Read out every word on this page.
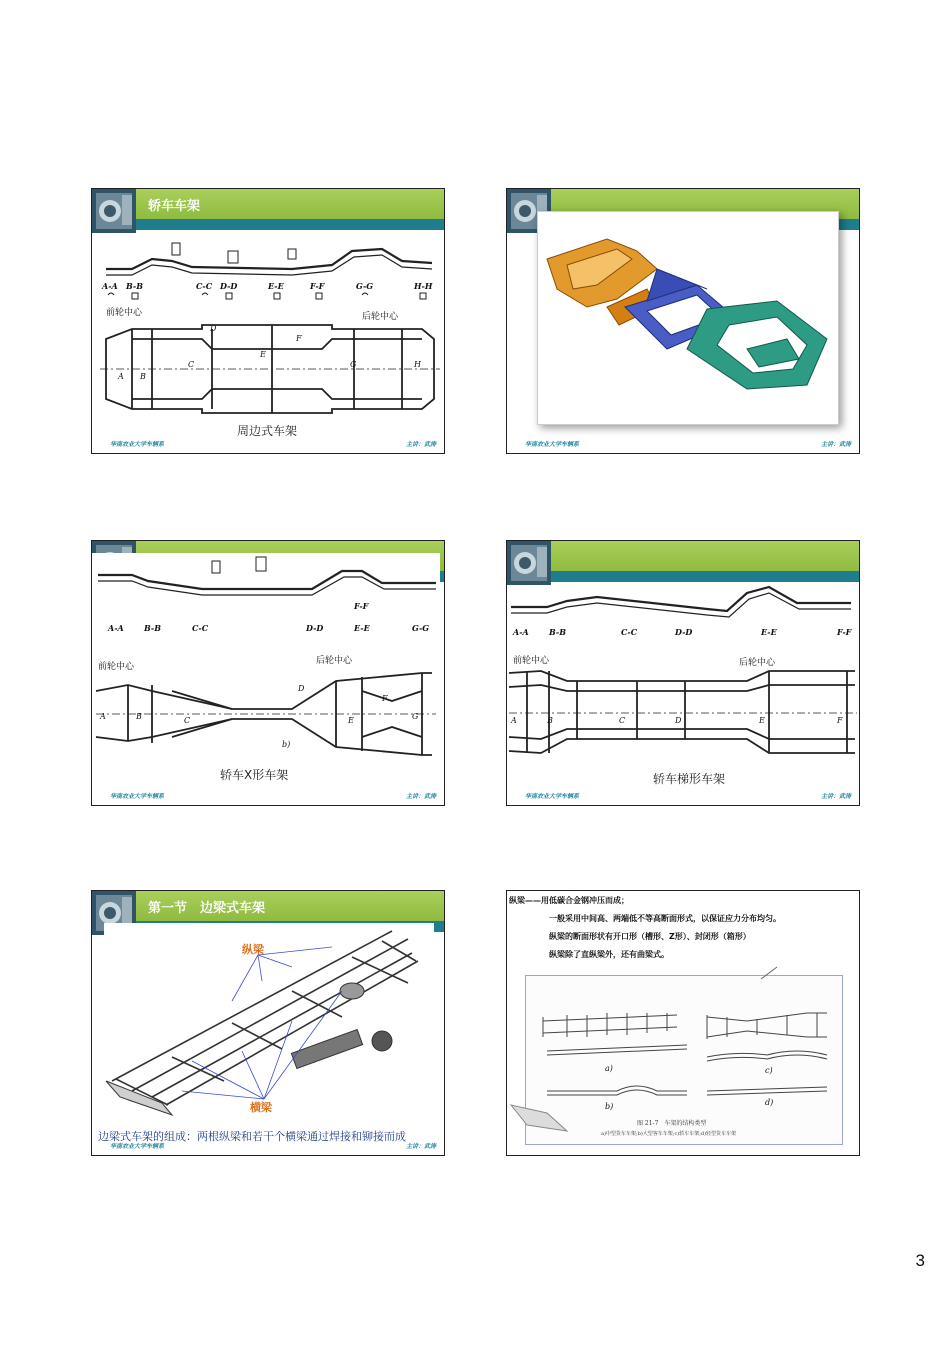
轿车车架
A-A B-B	C-C D-D	E-E	F-F	G-G	H-H
前轮中心	后轮中心
A B
C
E
F
G	H
D
周边式车架
华南农业大学车辆系	主讲：武涛	华南农业大学车辆系	主讲：武涛
F-F
A-A	B-B	C-C	D-D	E-E	G-G
前轮中心
后轮中心
A	B	C
D
E
F
G
b)
轿车X形车架
华南农业大学车辆系	主讲：武涛
A-A	B-B	C-C	D-D	E-E	F-F
前轮中心	后轮中心
A	B	C	D	E	F
轿车梯形车架
华南农业大学车辆系	主讲：武涛
第一节　边梁式车架
纵梁
横梁
边梁式车架的组成：两根纵梁和若干个横梁通过焊接和铆接而成
华南农业大学车辆系	主讲：武涛
纵梁——用低碳合金钢冲压而成；
一般采用中间高、两端低不等高断面形式，以保证应力分布均匀。
纵梁的断面形状有开口形（槽形、Z形）、封闭形（箱形）
纵梁除了直纵梁外，还有曲梁式。
a)
b)
c)
d)
图 21-7　车架的结构类型
a)中型货车车架;b)大型客车车架;c)轿车车架;d)轻型货车车架
3
